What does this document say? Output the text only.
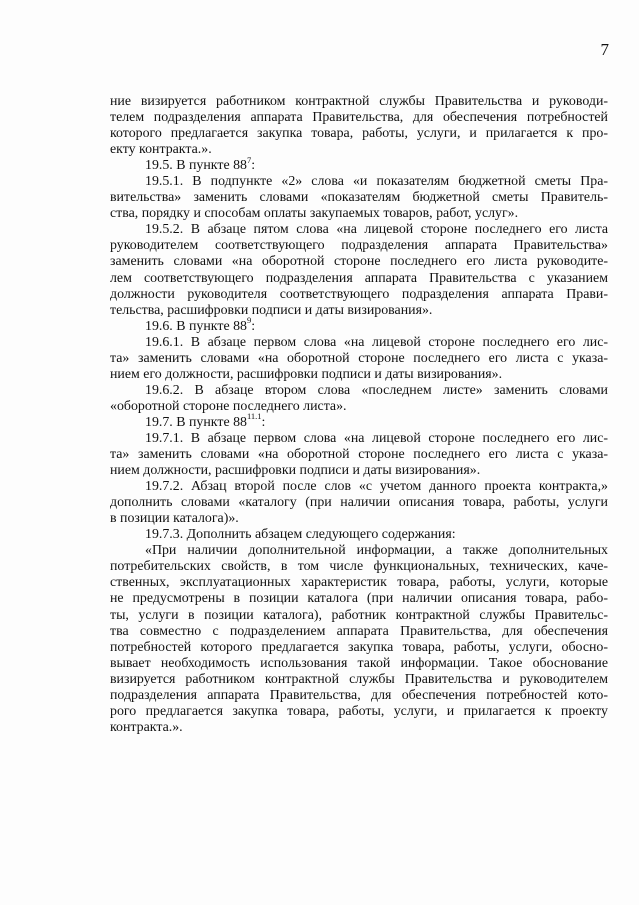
7
ние визируется работником контрактной службы Правительства и руководи-
телем подразделения аппарата Правительства, для обеспечения потребностей
которого предлагается закупка товара, работы, услуги, и прилагается к про-
екту контракта.».
19.5. В пункте $88^7$:
19.5.1. В подпункте «2» слова «и показателям бюджетной сметы Пра-
вительства» заменить словами «показателям бюджетной сметы Правитель-
ства, порядку и способам оплаты закупаемых товаров, работ, услуг».
19.5.2. В абзаце пятом слова «на лицевой стороне последнего его листа
руководителем соответствующего подразделения аппарата Правительства»
заменить словами «на оборотной стороне последнего его листа руководите-
лем соответствующего подразделения аппарата Правительства с указанием
должности руководителя соответствующего подразделения аппарата Прави-
тельства, расшифровки подписи и даты визирования».
19.6. В пункте $88^9$:
19.6.1. В абзаце первом слова «на лицевой стороне последнего его лис-
та» заменить словами «на оборотной стороне последнего его листа с указа-
нием его должности, расшифровки подписи и даты визирования».
19.6.2. В абзаце втором слова «последнем листе» заменить словами
«оборотной стороне последнего листа».
19.7. В пункте $88^{11.1}$:
19.7.1. В абзаце первом слова «на лицевой стороне последнего его лис-
та» заменить словами «на оборотной стороне последнего его листа с указа-
нием должности, расшифровки подписи и даты визирования».
19.7.2. Абзац второй после слов «с учетом данного проекта контракта,»
дополнить словами «каталогу (при наличии описания товара, работы, услуги
в позиции каталога)».
19.7.3. Дополнить абзацем следующего содержания:
«При наличии дополнительной информации, а также дополнительных
потребительских свойств, в том числе функциональных, технических, каче-
ственных, эксплуатационных характеристик товара, работы, услуги, которые
не предусмотрены в позиции каталога (при наличии описания товара, рабо-
ты, услуги в позиции каталога), работник контрактной службы Правительс-
тва совместно с подразделением аппарата Правительства, для обеспечения
потребностей которого предлагается закупка товара, работы, услуги, обосно-
вывает необходимость использования такой информации. Такое обоснование
визируется работником контрактной службы Правительства и руководителем
подразделения аппарата Правительства, для обеспечения потребностей кото-
рого предлагается закупка товара, работы, услуги, и прилагается к проекту
контракта.».
